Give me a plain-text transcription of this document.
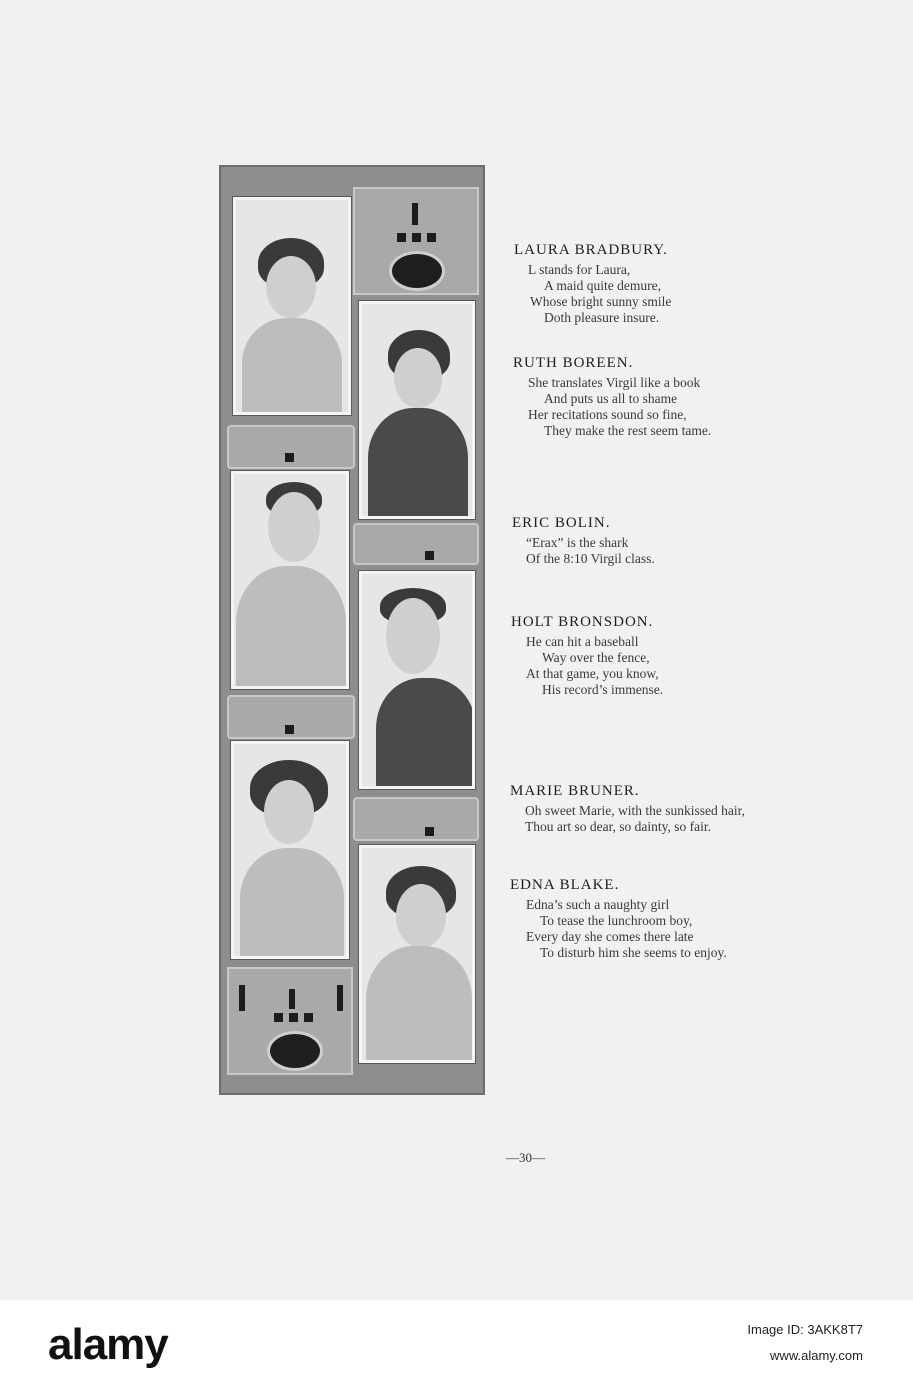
LAURA BRADBURY.
L stands for Laura,
A maid quite demure,
Whose bright sunny smile
Doth pleasure insure.
RUTH BOREEN.
She translates Virgil like a book
And puts us all to shame
Her recitations sound so fine,
They make the rest seem tame.
ERIC BOLIN.
“Erax” is the shark
Of the 8:10 Virgil class.
HOLT BRONSDON.
He can hit a baseball
Way over the fence,
At that game, you know,
His record’s immense.
MARIE BRUNER.
Oh sweet Marie, with the sunkissed hair,
Thou art so dear, so dainty, so fair.
EDNA BLAKE.
Edna’s such a naughty girl
To tease the lunchroom boy,
Every day she comes there late
To disturb him she seems to enjoy.
—30—
alamy	Image ID: 3AKK8T7
www.alamy.com
